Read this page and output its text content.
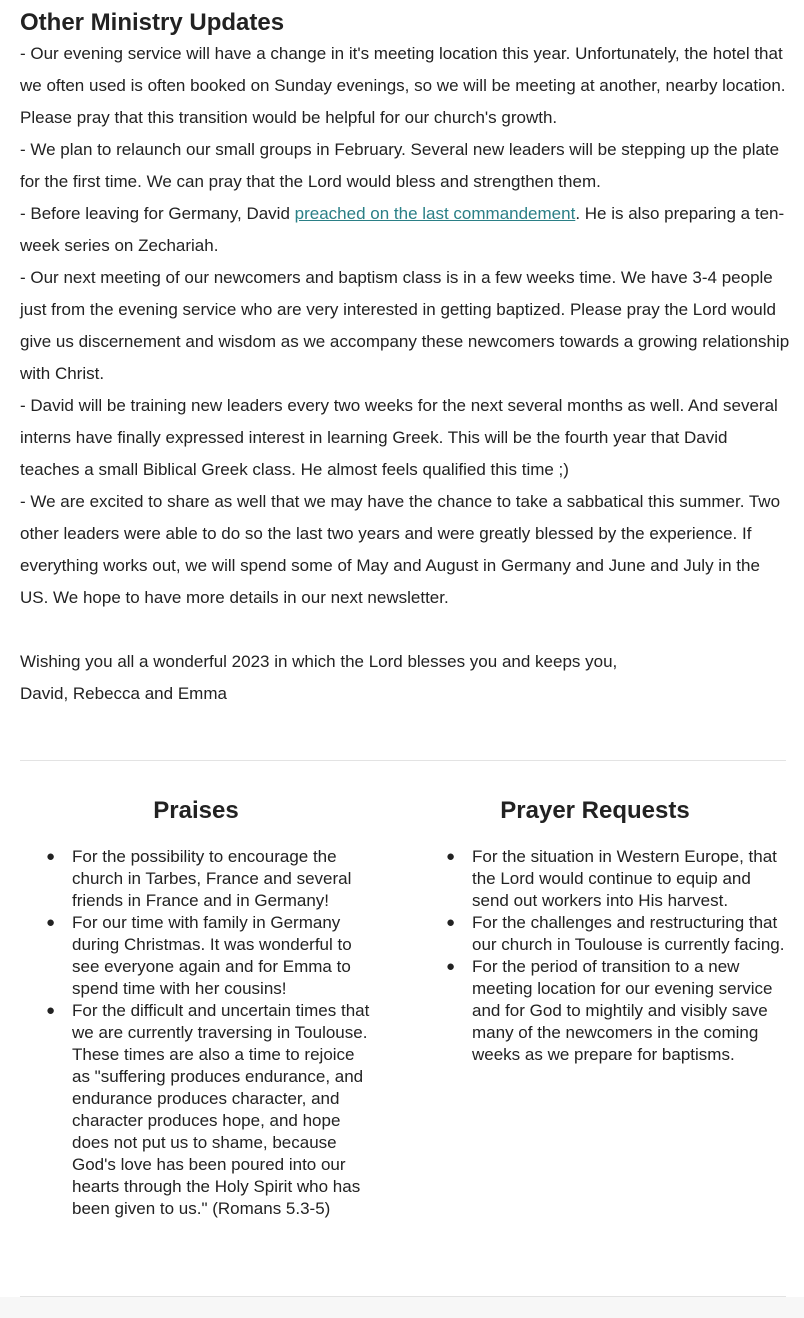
Other Ministry Updates

- Our evening service will have a change in it's meeting location this year. Unfortunately, the hotel that we often used is often booked on Sunday evenings, so we will be meeting at another, nearby location. Please pray that this transition would be helpful for our church's growth.

- We plan to relaunch our small groups in February. Several new leaders will be stepping up the plate for the first time. We can pray that the Lord would bless and strengthen them.

- Before leaving for Germany, David preached on the last commandement. He is also preparing a ten-week series on Zechariah.

- Our next meeting of our newcomers and baptism class is in a few weeks time. We have 3-4 people just from the evening service who are very interested in getting baptized. Please pray the Lord would give us discernement and wisdom as we accompany these newcomers towards a growing relationship with Christ.

- David will be training new leaders every two weeks for the next several months as well. And several interns have finally expressed interest in learning Greek. This will be the fourth year that David teaches a small Biblical Greek class. He almost feels qualified this time ;)

- We are excited to share as well that we may have the chance to take a sabbatical this summer. Two other leaders were able to do so the last two years and were greatly blessed by the experience. If everything works out, we will spend some of May and August in Germany and June and July in the US. We hope to have more details in our next newsletter.

Wishing you all a wonderful 2023 in which the Lord blesses you and keeps you,

David, Rebecca and Emma

Praises
● For the possibility to encourage the church in Tarbes, France and several friends in France and in Germany!
● For our time with family in Germany during Christmas. It was wonderful to see everyone again and for Emma to spend time with her cousins!
● For the difficult and uncertain times that we are currently traversing in Toulouse. These times are also a time to rejoice as "suffering produces endurance, and endurance produces character, and character produces hope, and hope does not put us to shame, because God's love has been poured into our hearts through the Holy Spirit who has been given to us." (Romans 5.3-5)
Prayer Requests
● For the situation in Western Europe, that the Lord would continue to equip and send out workers into His harvest.
● For the challenges and restructuring that our church in Toulouse is currently facing.
● For the period of transition to a new meeting location for our evening service and for God to mightily and visibly save many of the newcomers in the coming weeks as we prepare for baptisms.
